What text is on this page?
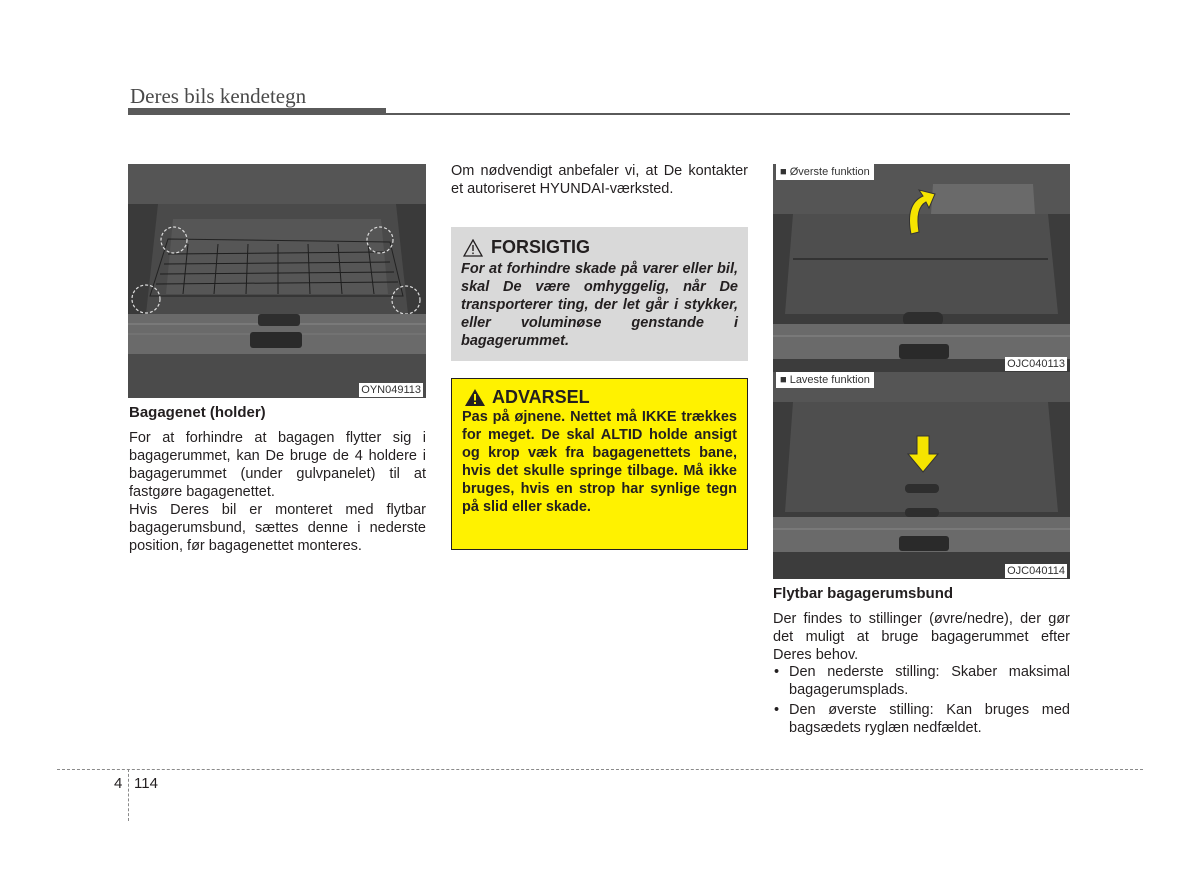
Deres bils kendetegn
OYN049113
Bagagenet (holder)
For at forhindre at bagagen flytter sig i bagagerummet, kan De bruge de 4 holdere i bagagerummet (under gulvpanelet) til at fastgøre bagagenettet.
Hvis Deres bil er monteret med flytbar bagagerumsbund, sættes denne i nederste position, før bagagenettet monteres.
Om nødvendigt anbefaler vi, at De kontakter et autoriseret HYUNDAI-værksted.
FORSIGTIG
For at forhindre skade på varer eller bil, skal De være omhyggelig, når De transporterer ting, der let går i stykker, eller voluminøse genstande i bagagerummet.
ADVARSEL
Pas på øjnene. Nettet må IKKE trækkes for meget. De skal ALTID holde ansigt og krop væk fra bagagenettets bane, hvis det skulle springe tilbage. Må ikke bruges, hvis en strop har synlige tegn på slid eller skade.
■ Øverste funktion
OJC040113
■ Laveste funktion
OJC040114
Flytbar bagagerumsbund
Der findes to stillinger (øvre/nedre), der gør det muligt at bruge bagagerummet efter Deres behov.
• Den nederste stilling: Skaber maksimal bagagerumsplads.
• Den øverste stilling: Kan bruges med bagsædets ryglæn nedfældet.
4 114
